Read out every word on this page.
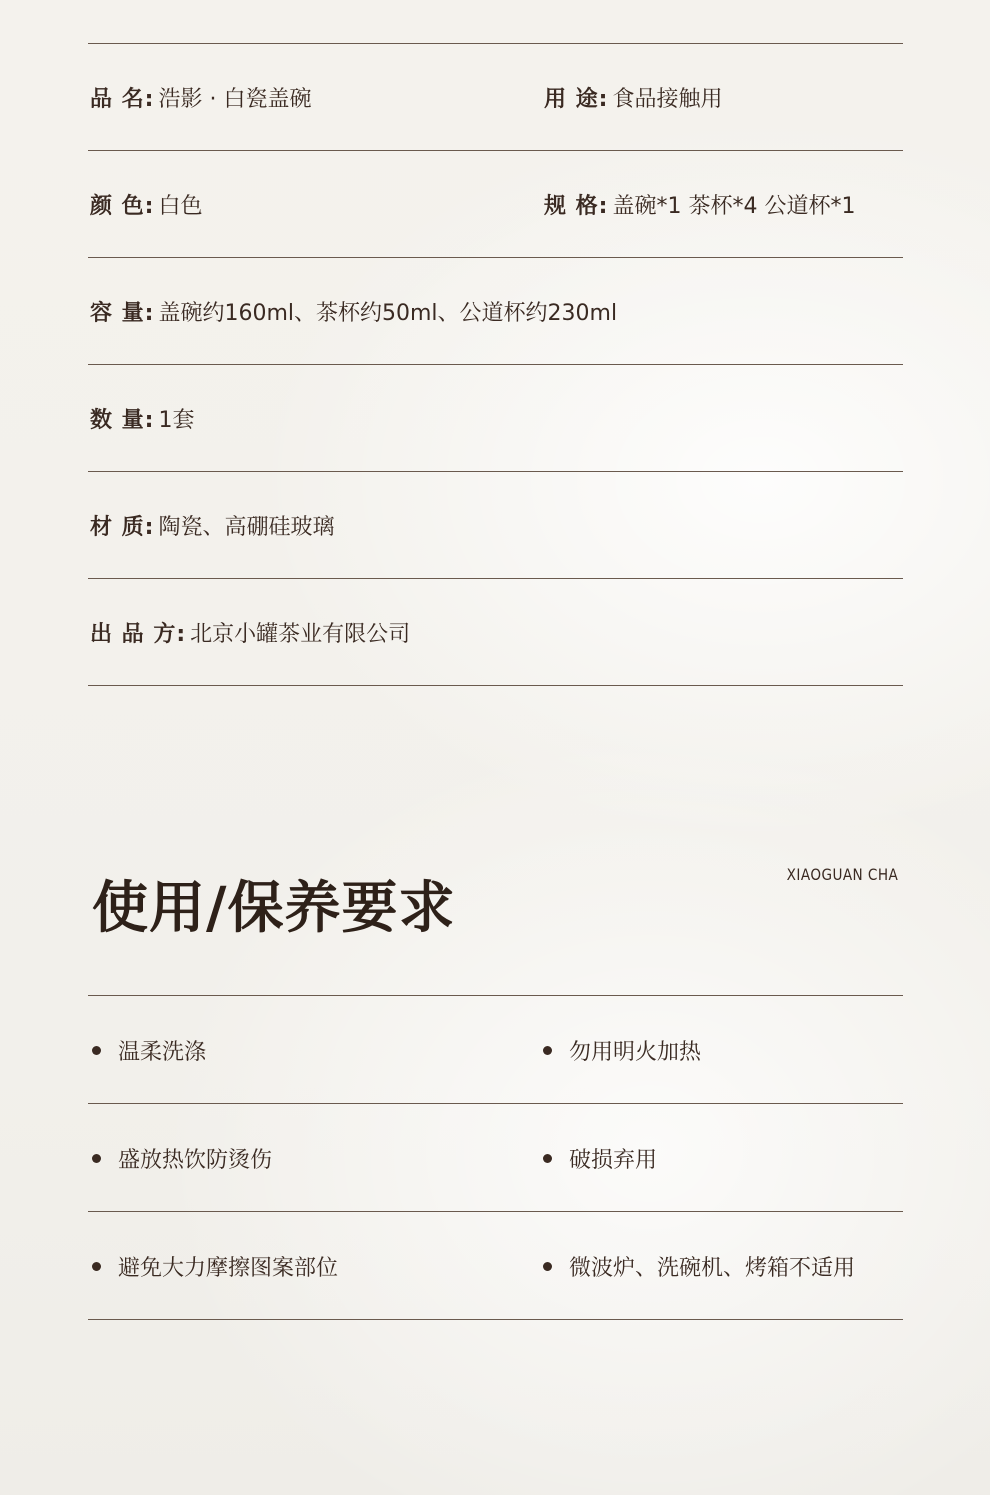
品 名: 浩影 · 白瓷盖碗	用 途: 食品接触用
颜 色: 白色	规 格: 盖碗*1 茶杯*4 公道杯*1
容 量: 盖碗约160ml、茶杯约50ml、公道杯约230ml
数 量: 1套
材 质: 陶瓷、高硼硅玻璃
出 品 方: 北京小罐茶业有限公司
使用/保养要求
XIAOGUAN CHA
温柔洗涤	勿用明火加热
盛放热饮防烫伤	破损弃用
避免大力摩擦图案部位	微波炉、洗碗机、烤箱不适用
